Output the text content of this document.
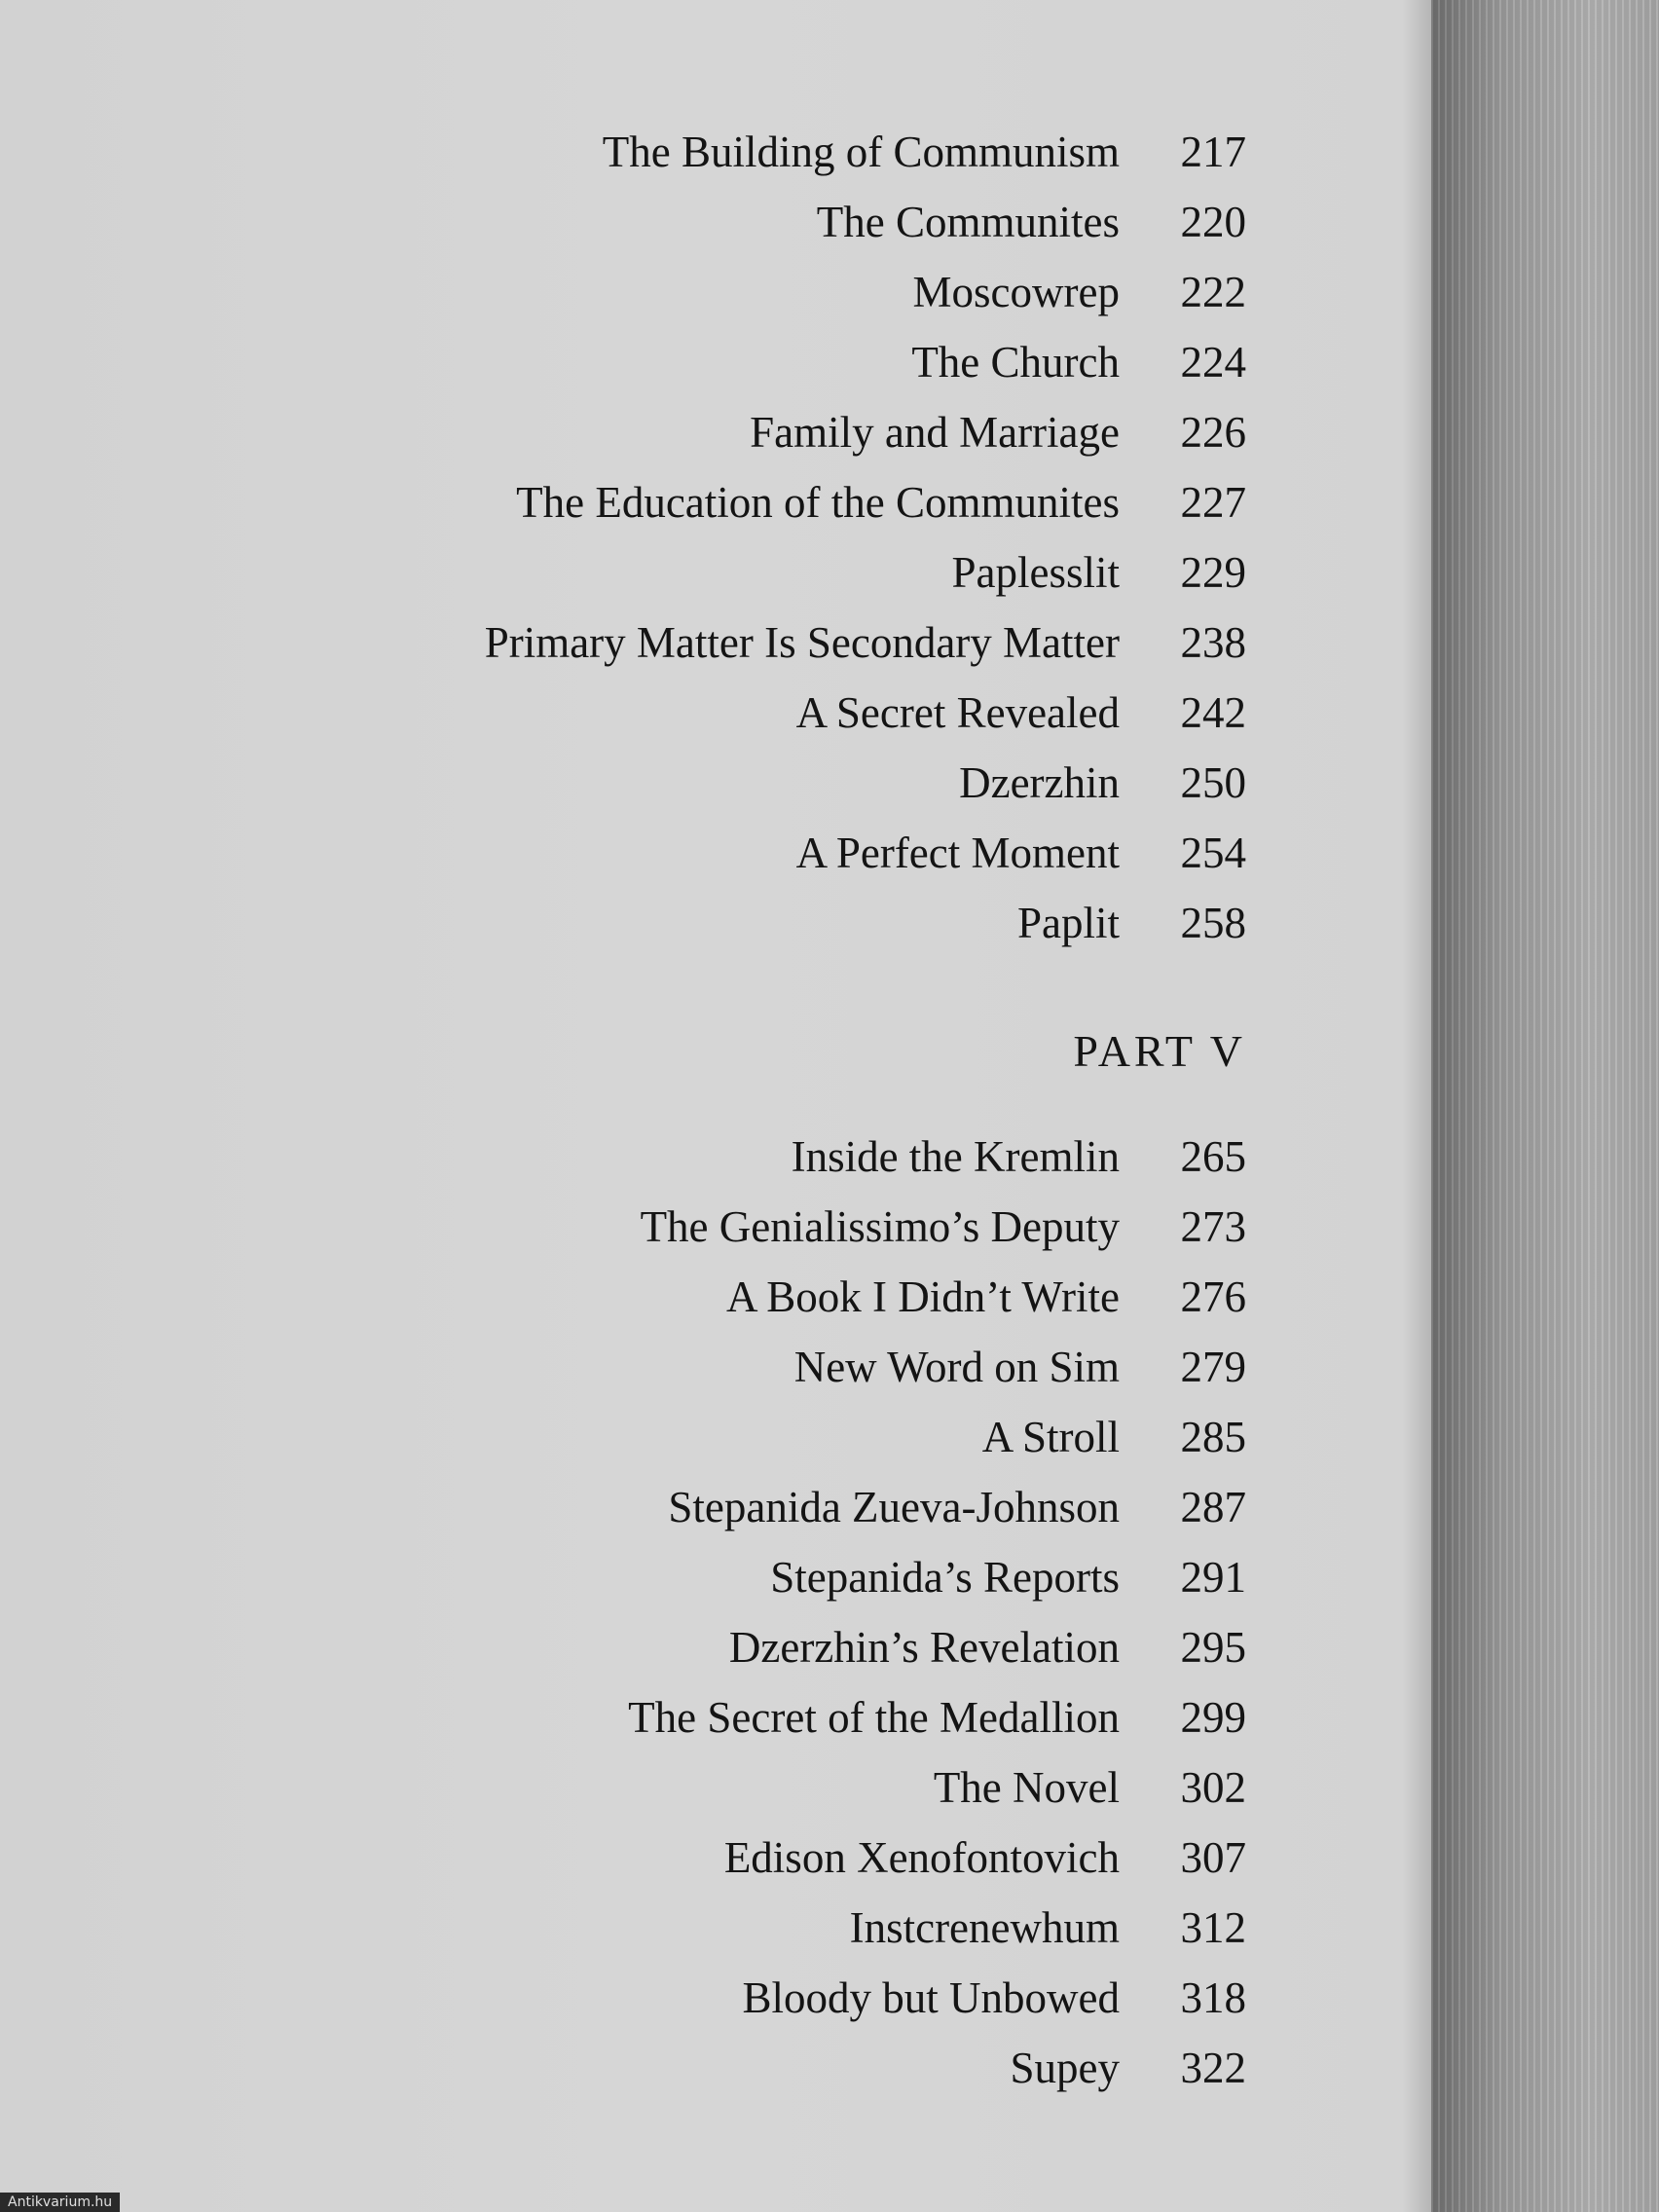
The Building of Communism	217
The Communites	220
Moscowrep	222
The Church	224
Family and Marriage	226
The Education of the Communites	227
Paplesslit	229
Primary Matter Is Secondary Matter	238
A Secret Revealed	242
Dzerzhin	250
A Perfect Moment	254
Paplit	258
PART V
Inside the Kremlin	265
The Genialissimo’s Deputy	273
A Book I Didn’t Write	276
New Word on Sim	279
A Stroll	285
Stepanida Zueva-Johnson	287
Stepanida’s Reports	291
Dzerzhin’s Revelation	295
The Secret of the Medallion	299
The Novel	302
Edison Xenofontovich	307
Instcrenewhum	312
Bloody but Unbowed	318
Supey	322
Antikvarium.hu
